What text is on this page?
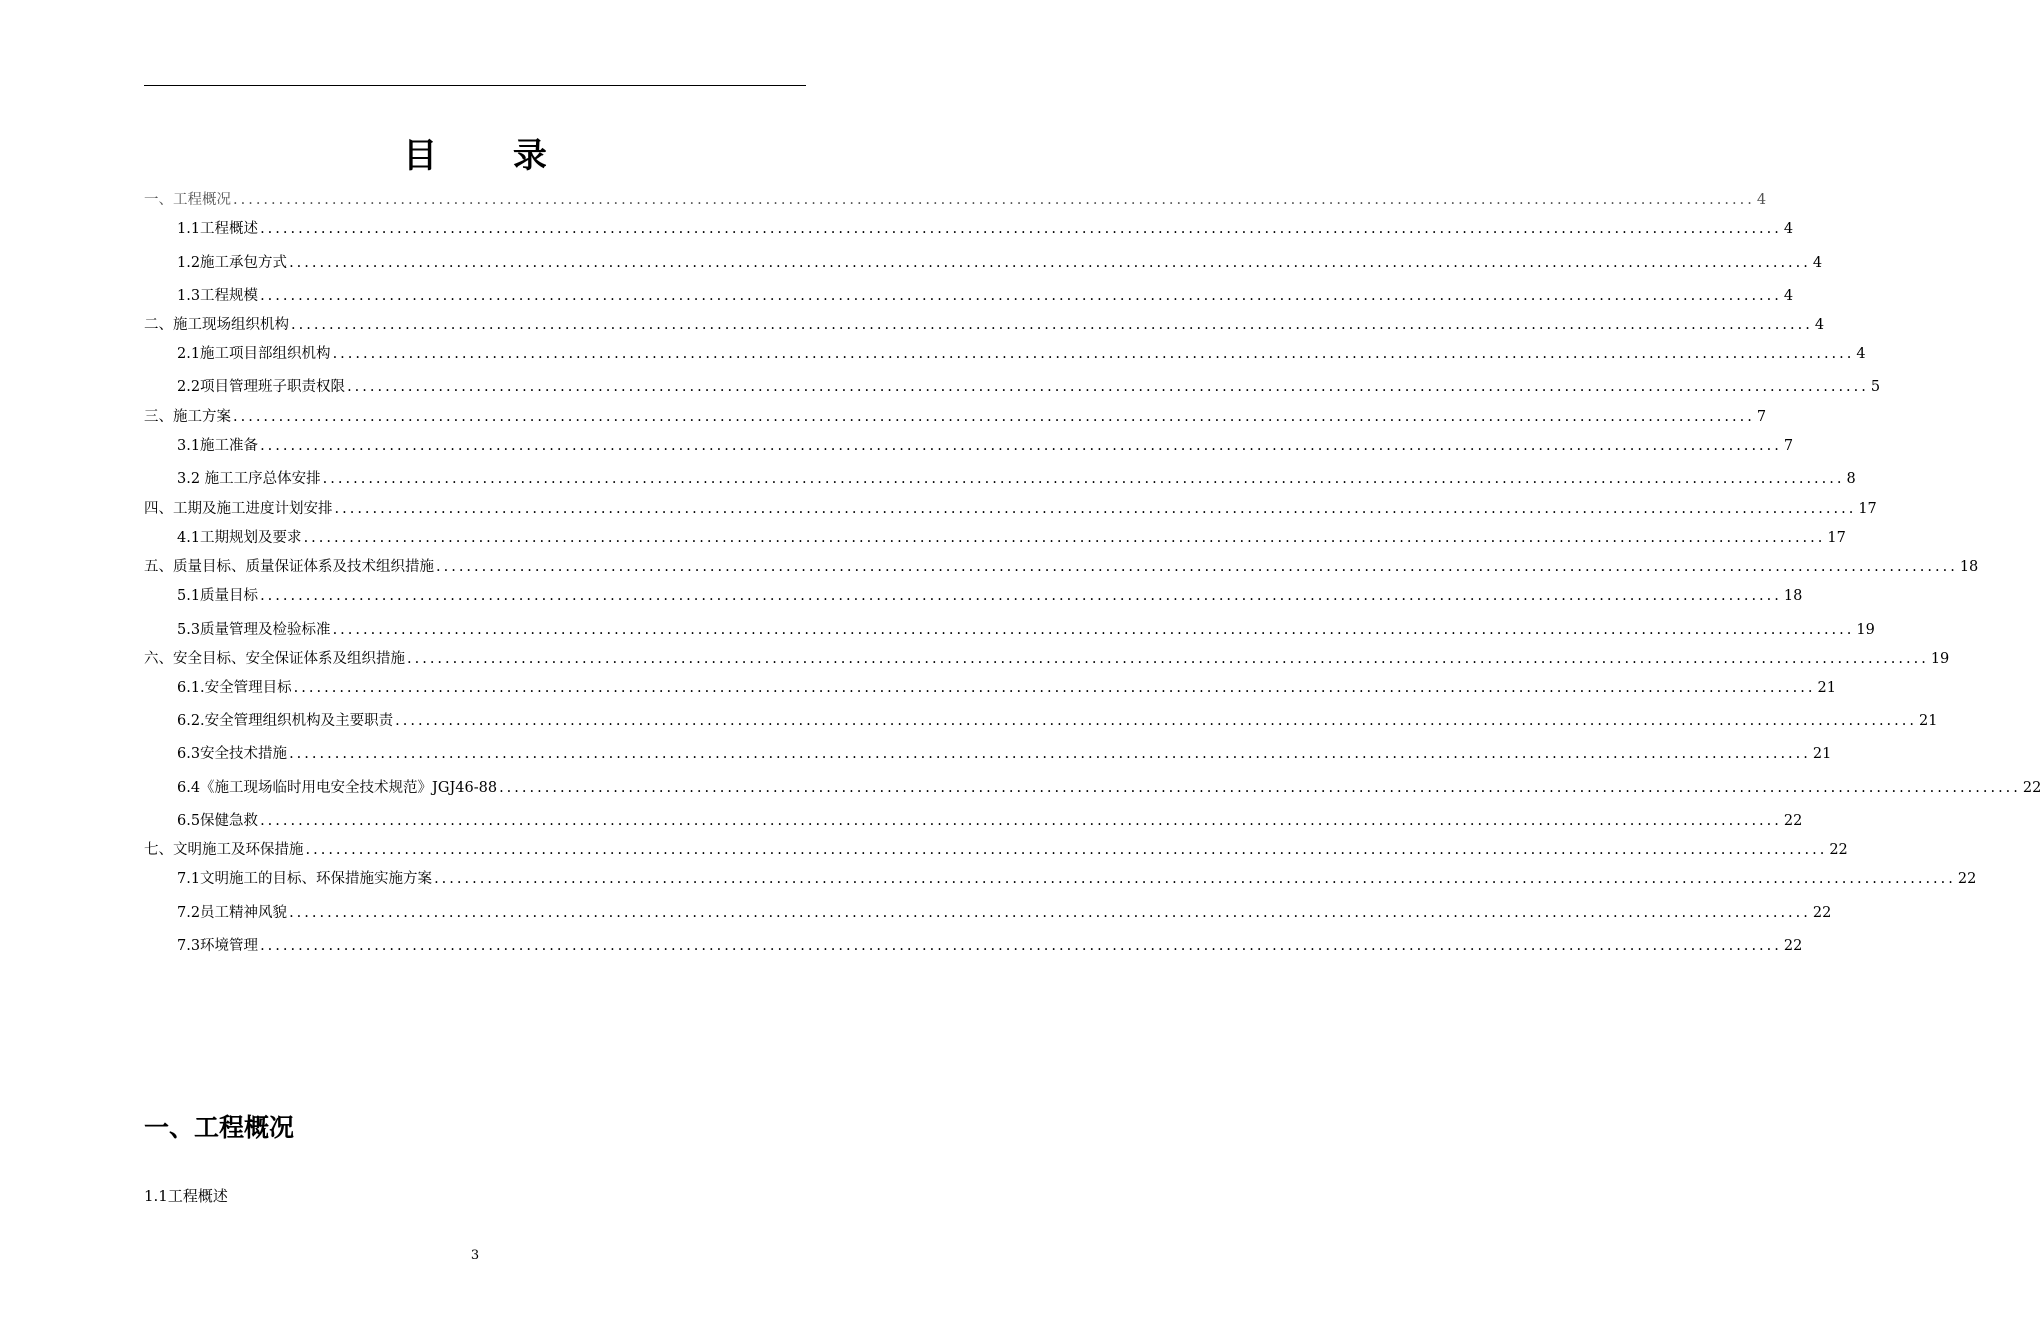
目 录
一、工程概况 ........................................................................................................................................................................................................ 4
1.1工程概述 ........................................................................................................................................................................................................ 4
1.2施工承包方式 ........................................................................................................................................................................................................ 4
1.3工程规模 ........................................................................................................................................................................................................ 4
二、施工现场组织机构 ........................................................................................................................................................................................................ 4
2.1施工项目部组织机构 ........................................................................................................................................................................................................ 4
2.2项目管理班子职责权限 ........................................................................................................................................................................................................ 5
三、施工方案 ........................................................................................................................................................................................................ 7
3.1施工准备 ........................................................................................................................................................................................................ 7
3.2 施工工序总体安排 ........................................................................................................................................................................................................ 8
四、工期及施工进度计划安排 ........................................................................................................................................................................................................ 17
4.1工期规划及要求 ........................................................................................................................................................................................................ 17
五、质量目标、质量保证体系及技术组织措施 ........................................................................................................................................................................................................ 18
5.1质量目标 ........................................................................................................................................................................................................ 18
5.3质量管理及检验标准 ........................................................................................................................................................................................................ 19
六、安全目标、安全保证体系及组织措施 ........................................................................................................................................................................................................ 19
6.1.安全管理目标 ........................................................................................................................................................................................................ 21
6.2.安全管理组织机构及主要职责 ........................................................................................................................................................................................................ 21
6.3安全技术措施 ........................................................................................................................................................................................................ 21
6.4《施工现场临时用电安全技术规范》JGJ46-88 ........................................................................................................................................................................................................ 22
6.5保健急救 ........................................................................................................................................................................................................ 22
七、文明施工及环保措施 ........................................................................................................................................................................................................ 22
7.1文明施工的目标、环保措施实施方案 ........................................................................................................................................................................................................ 22
7.2员工精神风貌 ........................................................................................................................................................................................................ 22
7.3环境管理 ........................................................................................................................................................................................................ 22
一、工程概况
1.1工程概述
3
